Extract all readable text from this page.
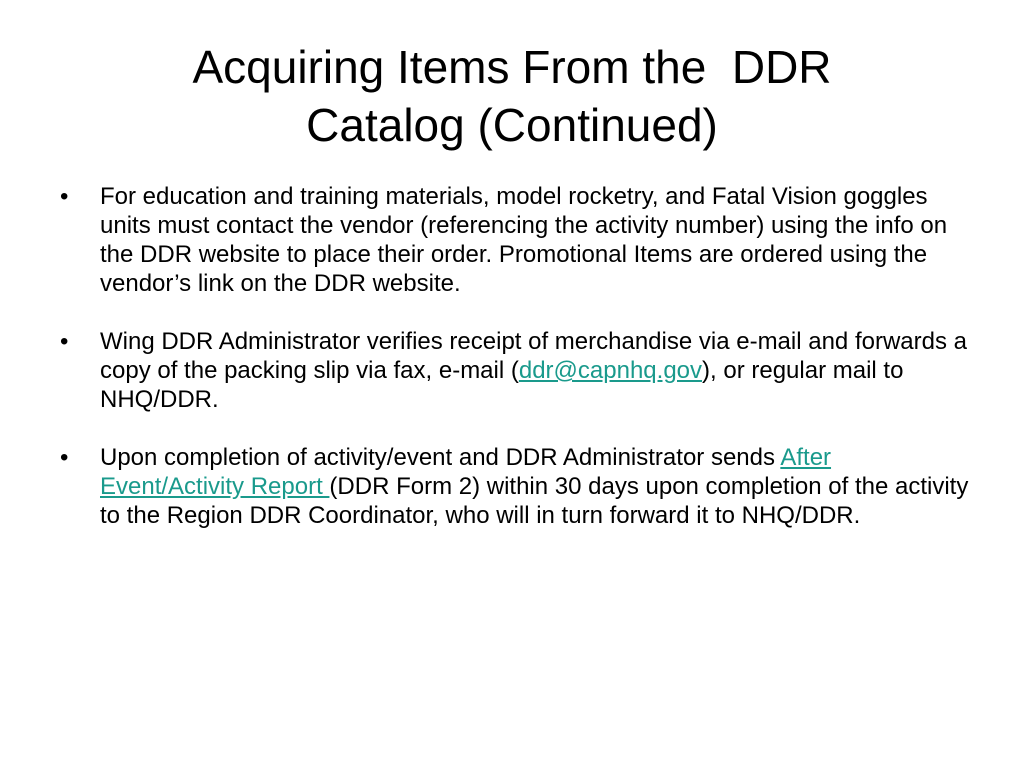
Acquiring Items From the  DDR
Catalog (Continued)
• For education and training materials, model rocketry, and Fatal Vision goggles units must contact the vendor (referencing the activity number) using the info on the DDR website to place their order. Promotional Items are ordered using the vendor’s link on the DDR website.
• Wing DDR Administrator verifies receipt of merchandise via e-mail and forwards a copy of the packing slip via fax, e-mail (ddr@capnhq.gov), or regular mail to NHQ/DDR.
• Upon completion of activity/event and DDR Administrator sends After Event/Activity Report (DDR Form 2) within 30 days upon completion of the activity to the Region DDR Coordinator, who will in turn forward it to NHQ/DDR.
